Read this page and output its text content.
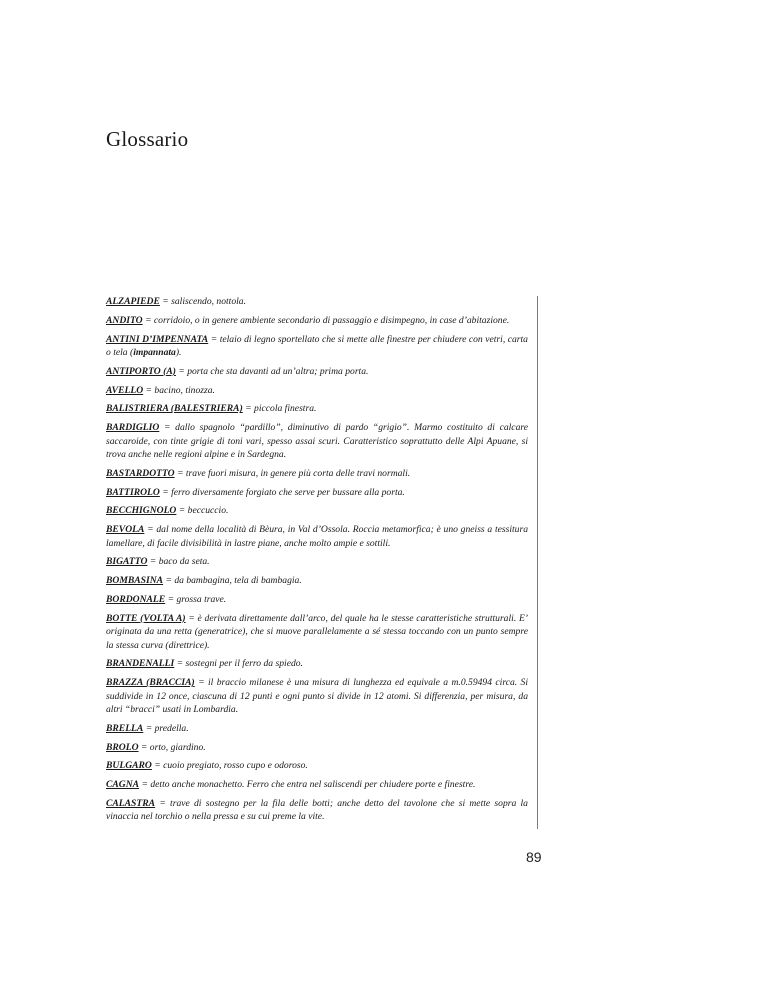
Glossario

ALZAPIEDE = saliscendo, nottola.

ANDITO = corridoio, o in genere ambiente secondario di passaggio e disimpegno, in case d’abitazione.

ANTINI D’IMPENNATA = telaio di legno sportellato che si mette alle finestre per chiudere con vetri, carta o tela (impannata).

ANTIPORTO (A) = porta che sta davanti ad un’altra; prima porta.

AVELLO = bacino, tinozza.

BALISTRIERA (BALESTRIERA) = piccola finestra.

BARDIGLIO = dallo spagnolo “pardillo”, diminutivo di pardo “grigio”. Marmo costituito di calcare saccaroide, con tinte grigie di toni vari, spesso assai scuri. Caratteristico soprattutto delle Alpi Apuane, si trova anche nelle regioni alpine e in Sardegna.

BASTARDOTTO = trave fuori misura, in genere più corta delle travi normali.

BATTIROLO = ferro diversamente forgiato che serve per bussare alla porta.

BECCHIGNOLO = beccuccio.

BEVOLA = dal nome della località di Bèura, in Val d’Ossola. Roccia metamorfica; è uno gneiss a tessitura lamellare, di facile divisibilità in lastre piane, anche molto ampie e sottili.

BIGATTO = baco da seta.

BOMBASINA = da bambagina, tela di bambagia.

BORDONALE = grossa trave.

BOTTE (VOLTA A) = è derivata direttamente dall’arco, del quale ha le stesse caratteristiche strutturali. E’ originata da una retta (generatrice), che si muove parallelamente a sé stessa toccando con un punto sempre la stessa curva (direttrice).

BRANDENALLI = sostegni per il ferro da spiedo.

BRAZZA (BRACCIA) = il braccio milanese è una misura di lunghezza ed equivale a m.0.59494 circa. Si suddivide in 12 once, ciascuna di 12 punti e ogni punto si divide in 12 atomi. Si differenzia, per misura, da altri “bracci” usati in Lombardia.

BRELLA = predella.

BROLO = orto, giardino.

BULGARO = cuoio pregiato, rosso cupo e odoroso.

CAGNA = detto anche monachetto. Ferro che entra nel saliscendi per chiudere porte e finestre.

CALASTRA = trave di sostegno per la fila delle botti; anche detto del tavolone che si mette sopra la vinaccia nel torchio o nella pressa e su cui preme la vite.

89
